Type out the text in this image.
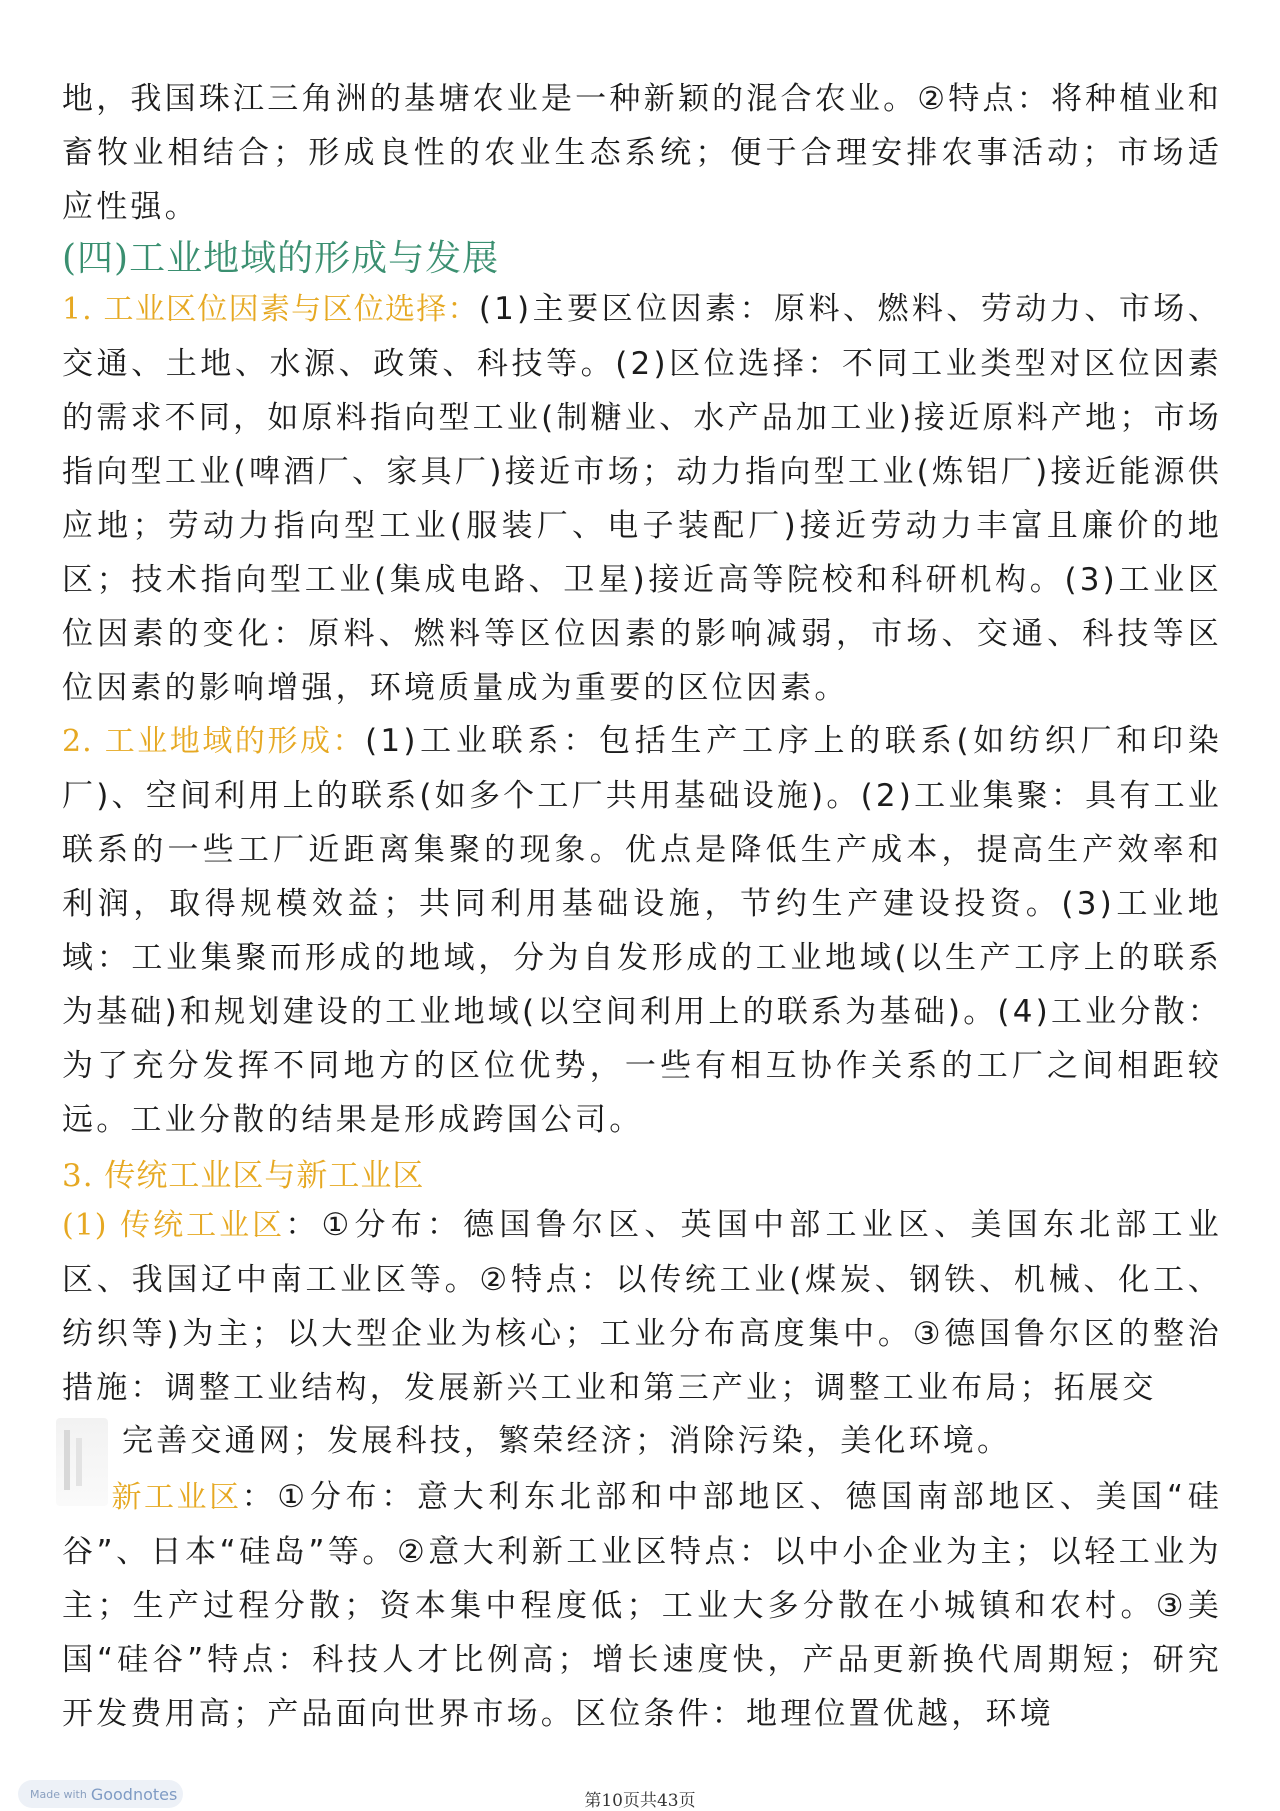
地，我国珠江三角洲的基塘农业是一种新颖的混合农业。②特点：将种植业和畜牧业相结合；形成良性的农业生态系统；便于合理安排农事活动；市场适应性强。

(四)工业地域的形成与发展

1. 工业区位因素与区位选择：(1)主要区位因素：原料、燃料、劳动力、市场、交通、土地、水源、政策、科技等。(2)区位选择：不同工业类型对区位因素的需求不同，如原料指向型工业(制糖业、水产品加工业)接近原料产地；市场指向型工业(啤酒厂、家具厂)接近市场；动力指向型工业(炼铝厂)接近能源供应地；劳动力指向型工业(服装厂、电子装配厂)接近劳动力丰富且廉价的地区；技术指向型工业(集成电路、卫星)接近高等院校和科研机构。(3)工业区位因素的变化：原料、燃料等区位因素的影响减弱，市场、交通、科技等区位因素的影响增强，环境质量成为重要的区位因素。

2. 工业地域的形成：(1)工业联系：包括生产工序上的联系(如纺织厂和印染厂)、空间利用上的联系(如多个工厂共用基础设施)。(2)工业集聚：具有工业联系的一些工厂近距离集聚的现象。优点是降低生产成本，提高生产效率和利润，取得规模效益；共同利用基础设施，节约生产建设投资。(3)工业地域：工业集聚而形成的地域，分为自发形成的工业地域(以生产工序上的联系为基础)和规划建设的工业地域(以空间利用上的联系为基础)。(4)工业分散：为了充分发挥不同地方的区位优势，一些有相互协作关系的工厂之间相距较远。工业分散的结果是形成跨国公司。

3. 传统工业区与新工业区

(1) 传统工业区：①分布：德国鲁尔区、英国中部工业区、美国东北部工业区、我国辽中南工业区等。②特点：以传统工业(煤炭、钢铁、机械、化工、纺织等)为主；以大型企业为核心；工业分布高度集中。③德国鲁尔区的整治措施：调整工业结构，发展新兴工业和第三产业；调整工业布局；拓展交

完善交通网；发展科技，繁荣经济；消除污染，美化环境。

新工业区：①分布：意大利东北部和中部地区、德国南部地区、美国“硅谷”、日本“硅岛”等。②意大利新工业区特点：以中小企业为主；以轻工业为主；生产过程分散；资本集中程度低；工业大多分散在小城镇和农村。③美国“硅谷”特点：科技人才比例高；增长速度快，产品更新换代周期短；研究开发费用高；产品面向世界市场。区位条件：地理位置优越，环境

Made with Goodnotes	第10页共43页
